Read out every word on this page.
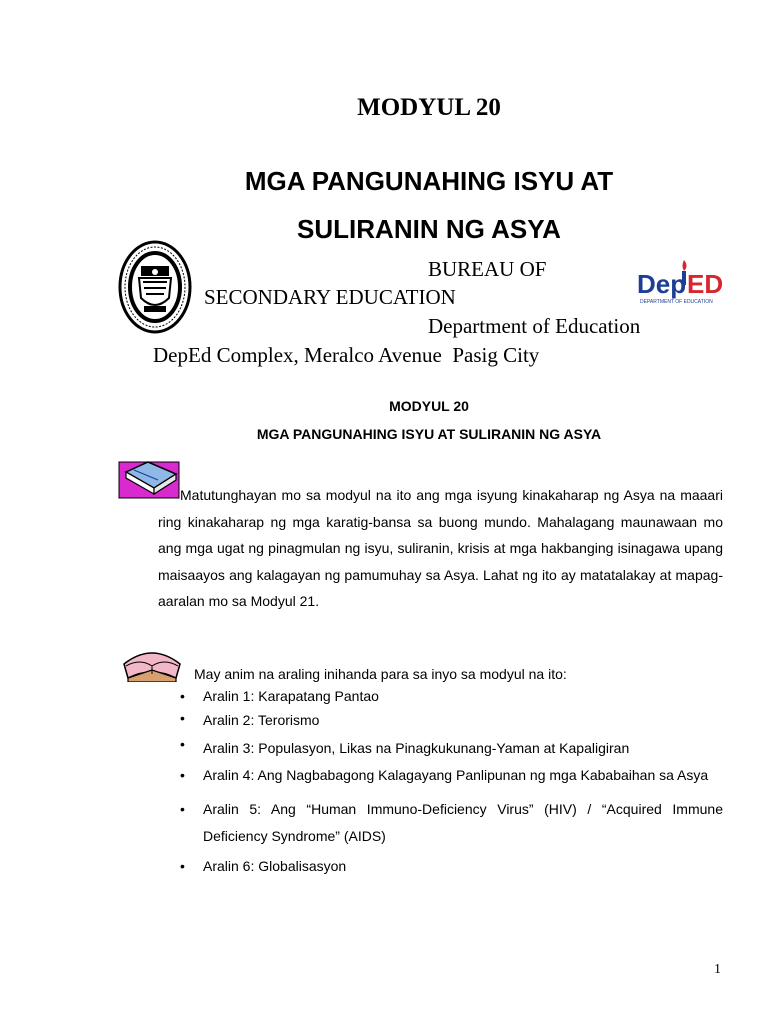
MODYUL 20
MGA PANGUNAHING ISYU AT
SULIRANIN NG ASYA
Dep ED
DEPARTMENT OF EDUCATION
BUREAU OF
SECONDARY EDUCATION
Department of Education
DepEd Complex, Meralco Avenue  Pasig City
MODYUL 20
MGA PANGUNAHING ISYU AT SULIRANIN NG ASYA
Matutunghayan mo sa modyul na ito ang mga isyung kinakaharap ng Asya na maaari ring kinakaharap ng mga karatig-bansa sa buong mundo. Mahalagang maunawaan mo ang mga ugat ng pinagmulan ng isyu, suliranin, krisis at mga hakbanging isinagawa upang maisaayos ang kalagayan ng pamumuhay sa Asya. Lahat ng ito ay matatalakay at mapag-aaralan mo sa Modyul 21.
May anim na araling inihanda para sa inyo sa modyul na ito:
• Aralin 1: Karapatang Pantao
• Aralin 2: Terorismo
• Aralin 3: Populasyon, Likas na Pinagkukunang-Yaman at Kapaligiran
• Aralin 4: Ang Nagbabagong Kalagayang Panlipunan ng mga Kababaihan sa Asya
• Aralin 5: Ang “Human Immuno-Deficiency Virus” (HIV) / “Acquired Immune Deficiency Syndrome” (AIDS)
• Aralin 6: Globalisasyon
1
